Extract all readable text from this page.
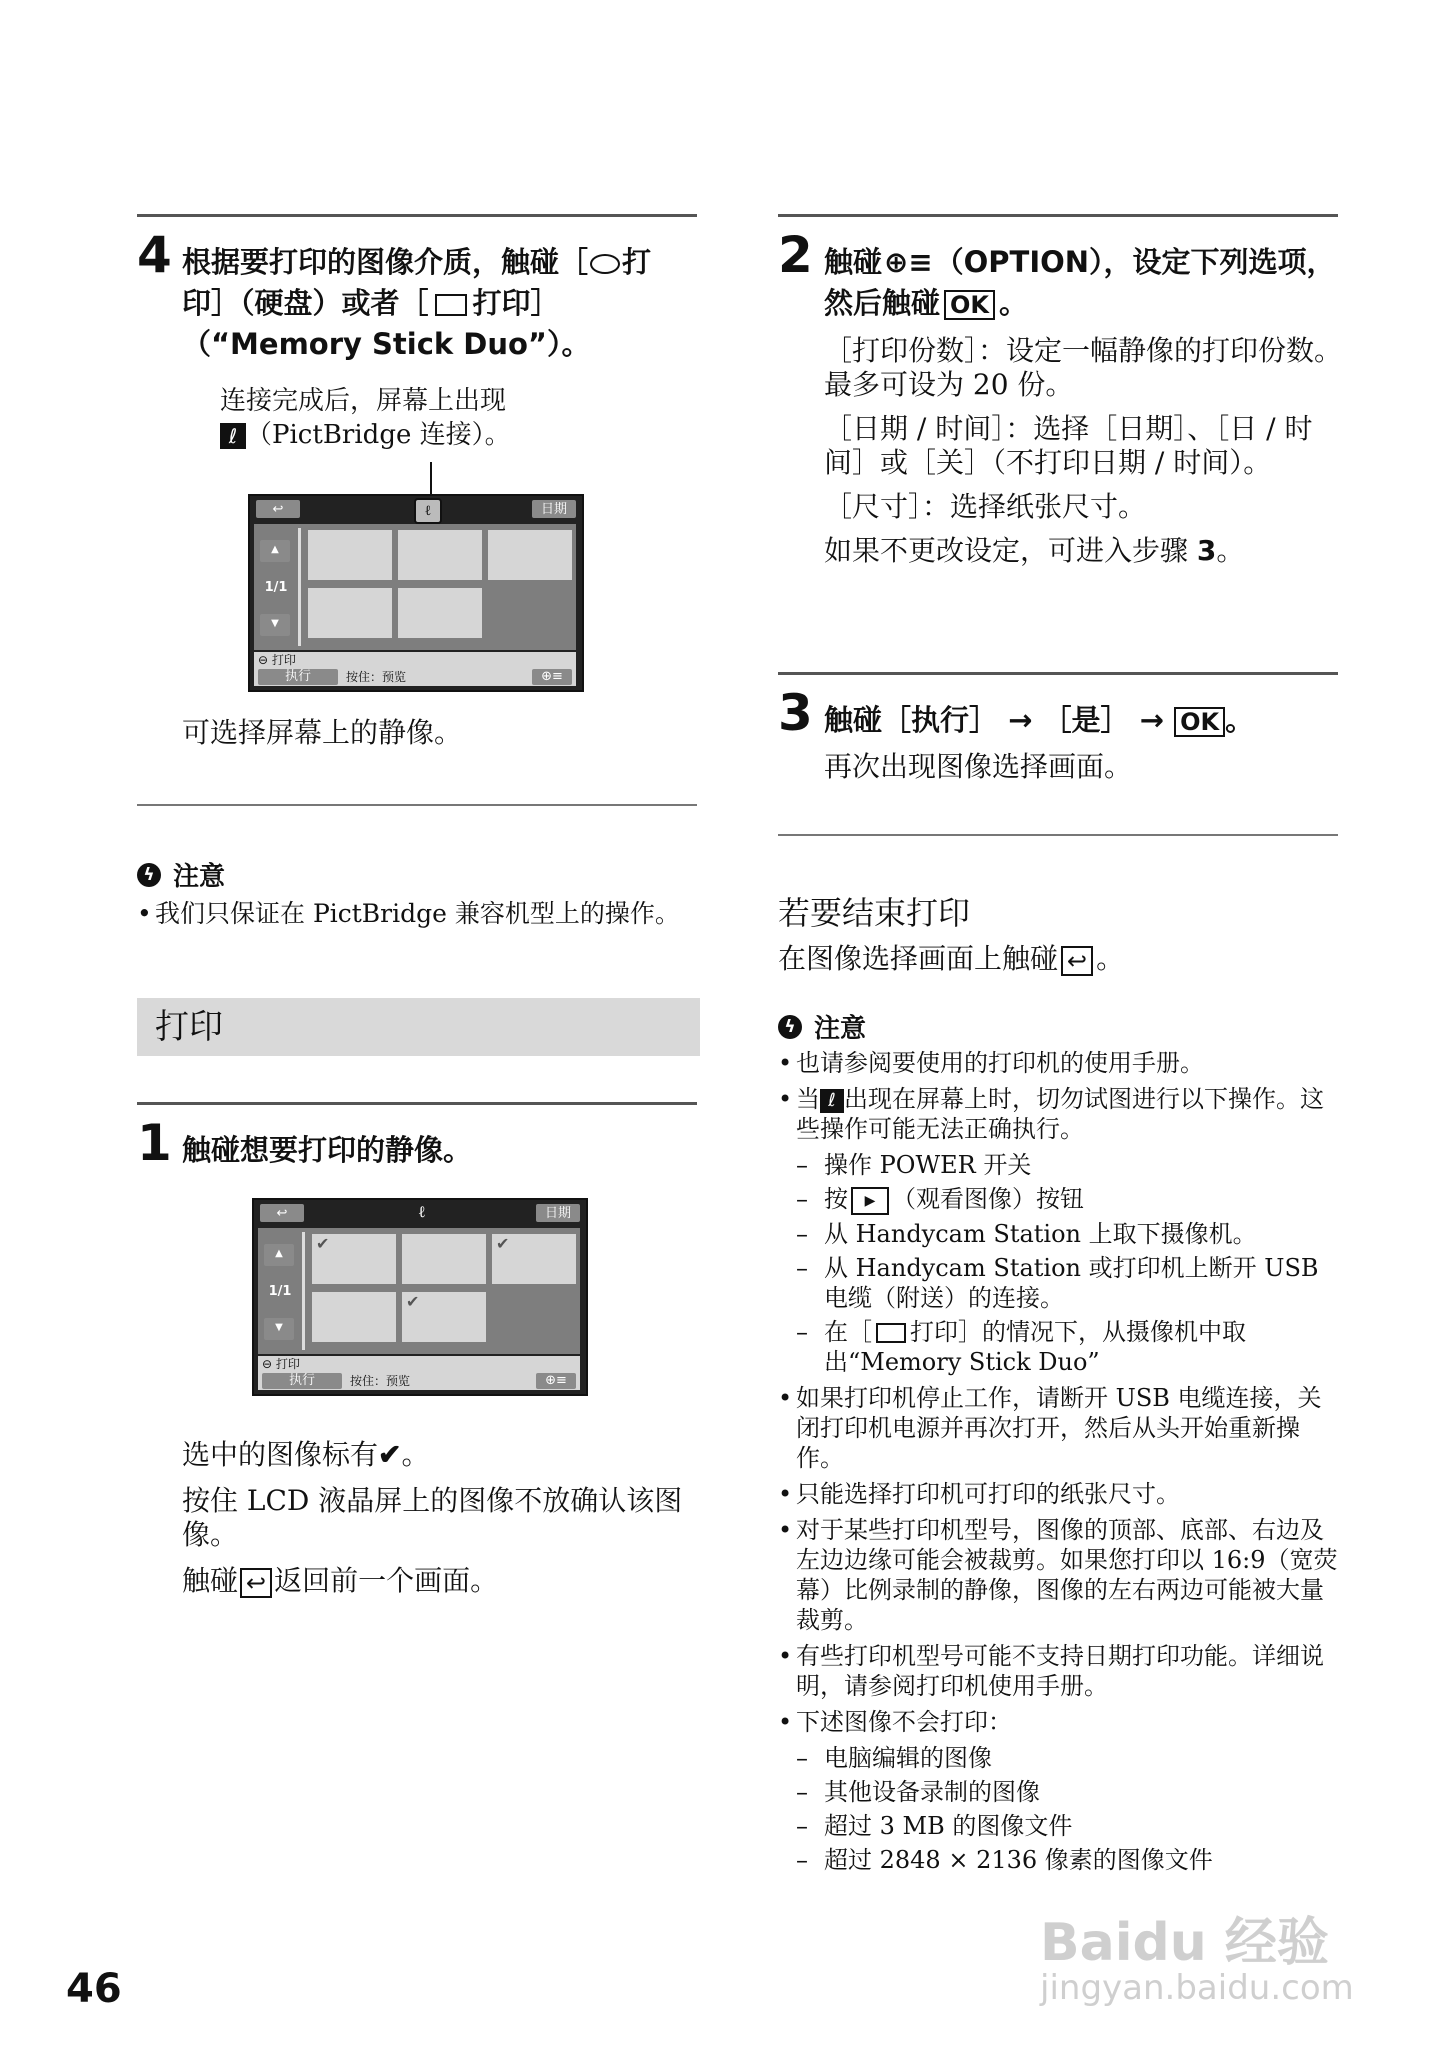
4 根据要打印的图像介质，触碰［ 打
印］（硬盘）或者［ 打印］
（“Memory Stick Duo”）。
连接完成后，屏幕上出现
ℓ （PictBridge 连接）。
↩	ℓ	日期
▲
1/1
▼
⊖ 打印
执行	按住：预览	⊕≡
可选择屏幕上的静像。
ϟ 注意
• 我们只保证在 PictBridge 兼容机型上的操作。
打印
1 触碰想要打印的静像。
↩	ℓ	日期
▲
1/1
▼
✔	✔
✔
⊖ 打印
执行	按住：预览	⊕≡
选中的图像标有✔。
按住 LCD 液晶屏上的图像不放确认该图像。
触碰 ↩ 返回前一个画面。
2 触碰⊕≡（OPTION），设定下列选项，
然后触碰 OK 。
［打印份数］：设定一幅静像的打印份数。最多可设为 20 份。
［日期 / 时间］：选择［日期］、［日 / 时间］或［关］（不打印日期 / 时间）。
［尺寸］：选择纸张尺寸。
如果不更改设定，可进入步骤 3。
3 触碰［执行］ → ［是］ → OK 。
再次出现图像选择画面。
若要结束打印
在图像选择画面上触碰 ↩ 。
ϟ 注意
• 也请参阅要使用的打印机的使用手册。
• 当 ℓ 出现在屏幕上时，切勿试图进行以下操作。这些操作可能无法正确执行。
– 操作 POWER 开关
– 按 ▶ （观看图像）按钮
– 从 Handycam Station 上取下摄像机。
– 从 Handycam Station 或打印机上断开 USB 电缆（附送）的连接。
– 在［ 打印］的情况下，从摄像机中取出“Memory Stick Duo”
• 如果打印机停止工作，请断开 USB 电缆连接，关闭打印机电源并再次打开，然后从头开始重新操作。
• 只能选择打印机可打印的纸张尺寸。
• 对于某些打印机型号，图像的顶部、底部、右边及左边边缘可能会被裁剪。如果您打印以 16:9（宽荧幕）比例录制的静像，图像的左右两边可能被大量裁剪。
• 有些打印机型号可能不支持日期打印功能。详细说明，请参阅打印机使用手册。
• 下述图像不会打印：
– 电脑编辑的图像
– 其他设备录制的图像
– 超过 3 MB 的图像文件
– 超过 2848 × 2136 像素的图像文件
Baidu 经验
jingyan.baidu.com
46
